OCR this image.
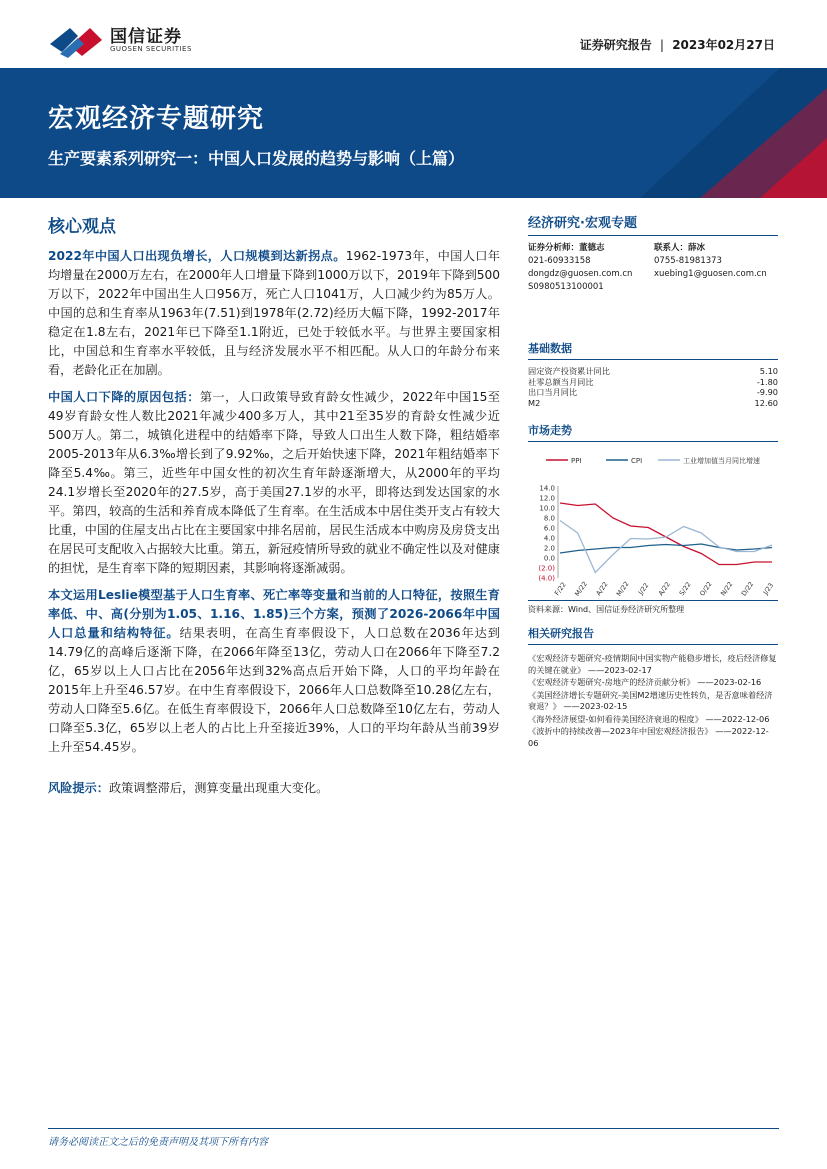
国信证券
GUOSEN SECURITIES	证券研究报告 | 2023年02月27日
宏观经济专题研究
生产要素系列研究一：中国人口发展的趋势与影响（上篇）
核心观点

2022年中国人口出现负增长，人口规模到达新拐点。1962-1973年，中国人口年均增量在2000万左右，在2000年人口增量下降到1000万以下，2019年下降到500万以下，2022年中国出生人口956万，死亡人口1041万，人口减少约为85万人。中国的总和生育率从1963年(7.51)到1978年(2.72)经历大幅下降，1992-2017年稳定在1.8左右，2021年已下降至1.1附近，已处于较低水平。与世界主要国家相比，中国总和生育率水平较低，且与经济发展水平不相匹配。从人口的年龄分布来看，老龄化正在加剧。

中国人口下降的原因包括：第一，人口政策导致育龄女性减少，2022年中国15至49岁育龄女性人数比2021年减少400多万人，其中21至35岁的育龄女性减少近500万人。第二，城镇化进程中的结婚率下降，导致人口出生人数下降，粗结婚率2005-2013年从6.3‰增长到了9.92‰，之后开始快速下降，2021年粗结婚率下降至5.4‰。第三，近些年中国女性的初次生育年龄逐渐增大，从2000年的平均24.1岁增长至2020年的27.5岁，高于美国27.1岁的水平，即将达到发达国家的水平。第四，较高的生活和养育成本降低了生育率。在生活成本中居住类开支占有较大比重，中国的住屋支出占比在主要国家中排名居前，居民生活成本中购房及房贷支出在居民可支配收入占据较大比重。第五，新冠疫情所导致的就业不确定性以及对健康的担忧，是生育率下降的短期因素，其影响将逐渐减弱。

本文运用Leslie模型基于人口生育率、死亡率等变量和当前的人口特征，按照生育率低、中、高(分别为1.05、1.16、1.85)三个方案，预测了2026-2066年中国人口总量和结构特征。结果表明，在高生育率假设下，人口总数在2036年达到14.79亿的高峰后逐渐下降，在2066年降至13亿，劳动人口在2066年下降至7.2亿，65岁以上人口占比在2056年达到32%高点后开始下降，人口的平均年龄在2015年上升至46.57岁。在中生育率假设下，2066年人口总数降至10.28亿左右，劳动人口降至5.6亿。在低生育率假设下，2066年人口总数降至10亿左右，劳动人口降至5.3亿，65岁以上老人的占比上升至接近39%，人口的平均年龄从当前39岁上升至54.45岁。

风险提示：政策调整滞后，测算变量出现重大变化。

经济研究·宏观专题
证券分析师：董德志
021-60933158
dongdz@guosen.com.cn
S0980513100001
联系人：薛冰
0755-81981373
xuebing1@guosen.com.cn
基础数据
固定资产投资累计同比	5.10
社零总额当月同比	-1.80
出口当月同比	-9.90
M2	12.60
市场走势
PPI	CPI	工业增加值当月同比增速
14.0
12.0
10.0
8.0
6.0
4.0
2.0
0.0
(2.0)
(4.0)
F/22 M/22 A/22 M/22 J/22 A/22 S/22 O/22 N/22 D/22 J/23
资料来源：Wind、国信证券经济研究所整理
相关研究报告
《宏观经济专题研究-疫情期间中国实物产能稳步增长，疫后经济修复的关键在就业》 ——2023-02-17
《宏观经济专题研究-房地产的经济贡献分析》 ——2023-02-16
《美国经济增长专题研究-美国M2增速历史性转负，是否意味着经济衰退？》 ——2023-02-15
《海外经济展望-如何看待美国经济衰退的程度》 ——2022-12-06
《波折中的持续改善—2023年中国宏观经济报告》 ——2022-12-06
请务必阅读正文之后的免责声明及其项下所有内容
